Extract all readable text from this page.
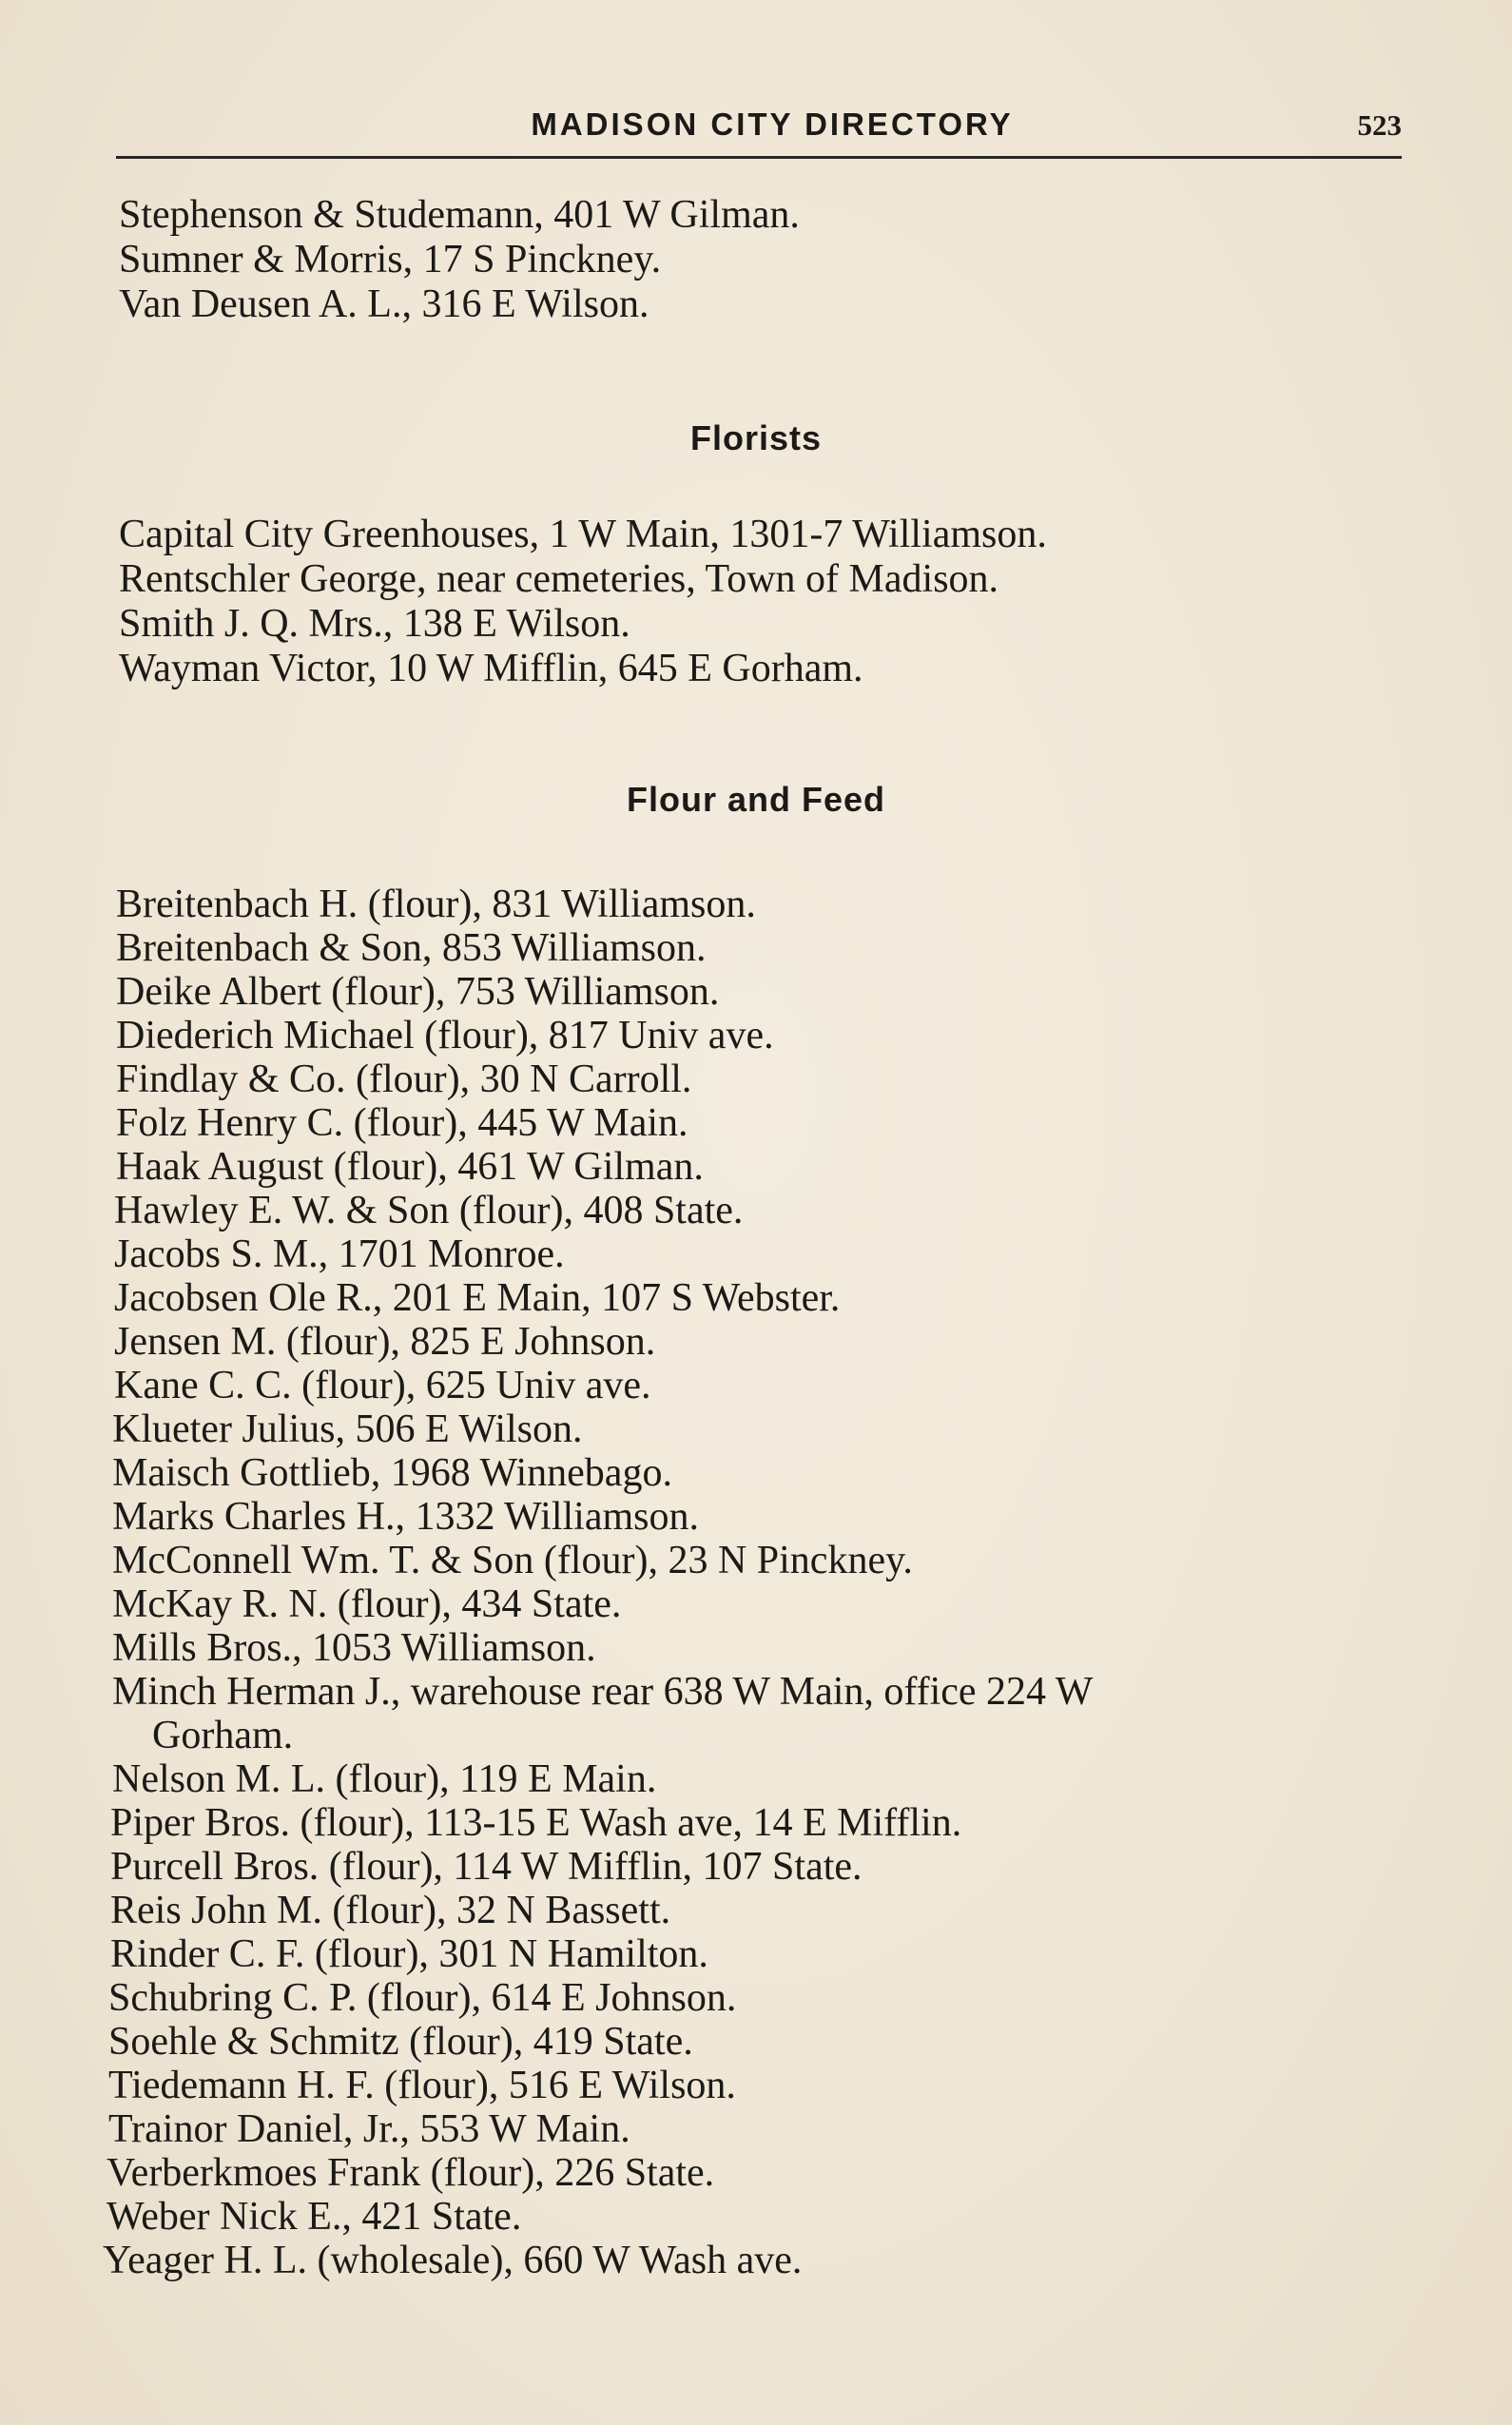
MADISON CITY DIRECTORY	523
Stephenson & Studemann, 401 W Gilman.
Sumner & Morris, 17 S Pinckney.
Van Deusen A. L., 316 E Wilson.
Florists
Capital City Greenhouses, 1 W Main, 1301-7 Williamson.
Rentschler George, near cemeteries, Town of Madison.
Smith J. Q. Mrs., 138 E Wilson.
Wayman Victor, 10 W Mifflin, 645 E Gorham.
Flour and Feed
Breitenbach H. (flour), 831 Williamson.
Breitenbach & Son, 853 Williamson.
Deike Albert (flour), 753 Williamson.
Diederich Michael (flour), 817 Univ ave.
Findlay & Co. (flour), 30 N Carroll.
Folz Henry C. (flour), 445 W Main.
Haak August (flour), 461 W Gilman.
Hawley E. W. & Son (flour), 408 State.
Jacobs S. M., 1701 Monroe.
Jacobsen Ole R., 201 E Main, 107 S Webster.
Jensen M. (flour), 825 E Johnson.
Kane C. C. (flour), 625 Univ ave.
Klueter Julius, 506 E Wilson.
Maisch Gottlieb, 1968 Winnebago.
Marks Charles H., 1332 Williamson.
McConnell Wm. T. & Son (flour), 23 N Pinckney.
McKay R. N. (flour), 434 State.
Mills Bros., 1053 Williamson.
Minch Herman J., warehouse rear 638 W Main, office 224 W
Gorham.
Nelson M. L. (flour), 119 E Main.
Piper Bros. (flour), 113-15 E Wash ave, 14 E Mifflin.
Purcell Bros. (flour), 114 W Mifflin, 107 State.
Reis John M. (flour), 32 N Bassett.
Rinder C. F. (flour), 301 N Hamilton.
Schubring C. P. (flour), 614 E Johnson.
Soehle & Schmitz (flour), 419 State.
Tiedemann H. F. (flour), 516 E Wilson.
Trainor Daniel, Jr., 553 W Main.
Verberkmoes Frank (flour), 226 State.
Weber Nick E., 421 State.
Yeager H. L. (wholesale), 660 W Wash ave.
